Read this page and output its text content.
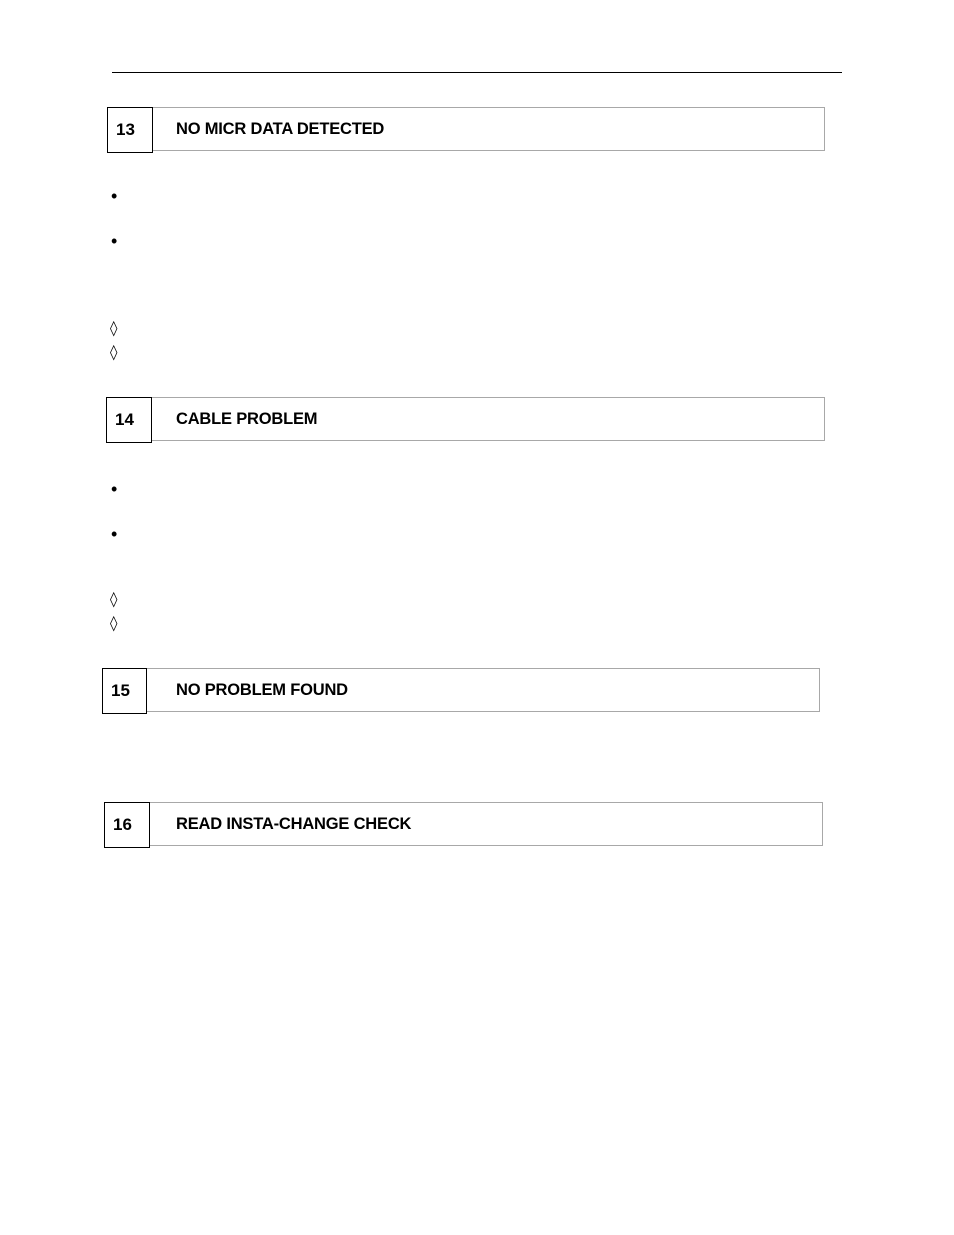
13	NO MICR DATA DETECTED
•
•
◊
◊
14	CABLE PROBLEM
•
•
◊
◊
15	NO PROBLEM FOUND
16	READ INSTA-CHANGE CHECK
